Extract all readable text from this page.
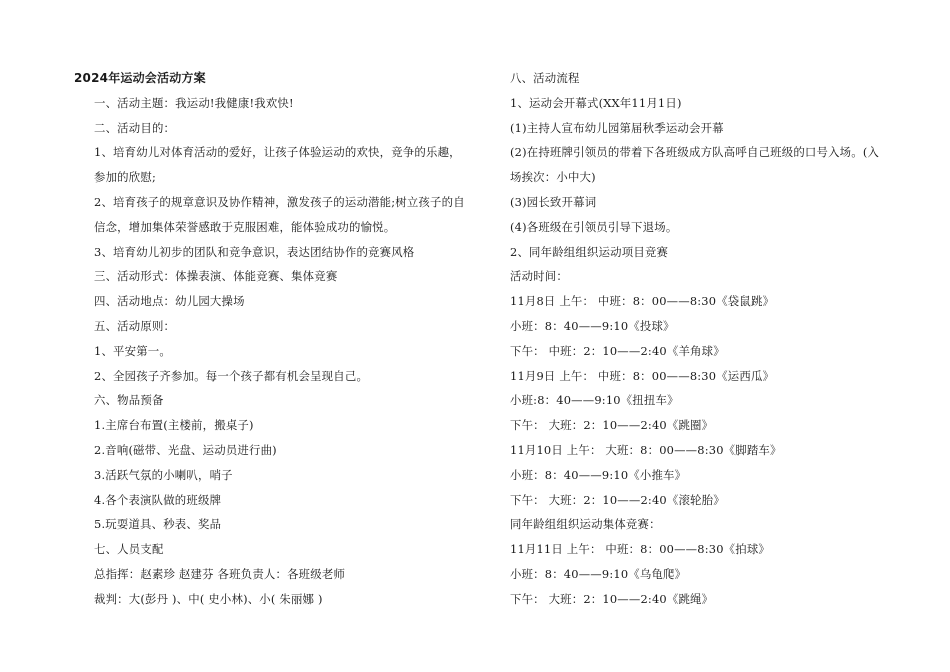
2024年运动会活动方案
一、活动主题：我运动!我健康!我欢快!
二、活动目的：
1、培育幼儿对体育活动的爱好，让孩子体验运动的欢快，竞争的乐趣，参加的欣慰;
2、培育孩子的规章意识及协作精神，激发孩子的运动潜能;树立孩子的自信念，增加集体荣誉感敢于克服困难，能体验成功的愉悦。
3、培育幼儿初步的团队和竞争意识，表达团结协作的竞赛风格
三、活动形式：体操表演、体能竞赛、集体竞赛
四、活动地点：幼儿园大操场
五、活动原则：
1、平安第一。
2、全园孩子齐参加。每一个孩子都有机会呈现自己。
六、物品预备
1.主席台布置(主楼前，搬桌子)
2.音响(磁带、光盘、运动员进行曲)
3.活跃气氛的小喇叭，哨子
4.各个表演队做的班级牌
5.玩耍道具、秒表、奖品
七、人员支配
总指挥：赵素珍 赵建芬 各班负责人：各班级老师
裁判：大(彭丹 )、中( 史小林)、小( 朱丽娜 )
八、活动流程
1、运动会开幕式(XX年11月1日)
(1)主持人宣布幼儿园第届秋季运动会开幕
(2)在持班牌引领员的带着下各班级成方队高呼自己班级的口号入场。(入场挨次：小中大)
(3)园长致开幕词
(4)各班级在引领员引导下退场。
2、同年龄组组织运动项目竞赛
活动时间：
11月8日 上午： 中班：8：00——8:30《袋鼠跳》
小班：8：40——9:10《投球》
下午： 中班：2：10——2:40《羊角球》
11月9日 上午： 中班：8：00——8:30《运西瓜》
小班:8：40——9:10《扭扭车》
下午： 大班：2：10——2:40《跳圈》
11月10日 上午： 大班：8：00——8:30《脚踏车》
小班：8：40——9:10《小推车》
下午： 大班：2：10——2:40《滚轮胎》
同年龄组组织运动集体竞赛：
11月11日 上午： 中班：8：00——8:30《拍球》
小班：8：40——9:10《乌龟爬》
下午： 大班：2：10——2:40《跳绳》
